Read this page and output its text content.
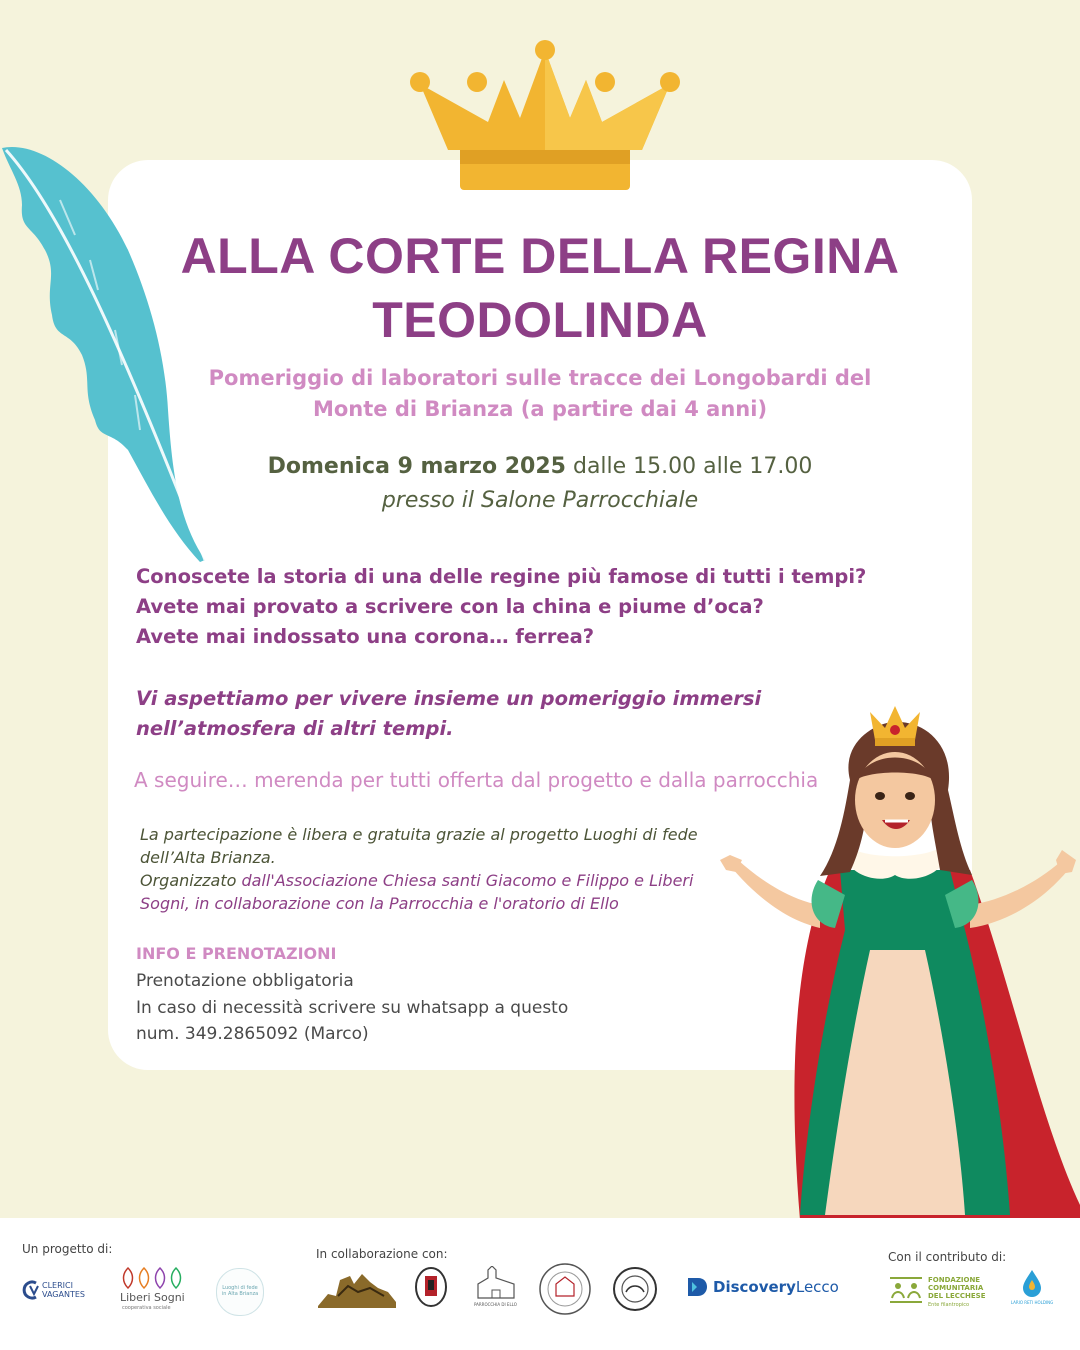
ALLA CORTE DELLA REGINA
TEODOLINDA
Pomeriggio di laboratori sulle tracce dei Longobardi del
Monte di Brianza (a partire dai 4 anni)
Domenica 9 marzo 2025 dalle 15.00 alle 17.00
presso il Salone Parrocchiale
Conoscete la storia di una delle regine più famose di tutti i tempi?
Avete mai provato a scrivere con la china e piume d’oca?
Avete mai indossato una corona… ferrea?
Vi aspettiamo per vivere insieme un pomeriggio immersi
nell’atmosfera di altri tempi.
A seguire… merenda per tutti offerta dal progetto e dalla parrocchia
La partecipazione è libera e gratuita grazie al progetto Luoghi di fede
dell’Alta Brianza.
Organizzato dall'Associazione Chiesa santi Giacomo e Filippo e Liberi
Sogni, in collaborazione con la Parrocchia e l'oratorio di Ello
INFO E PRENOTAZIONI
Prenotazione obbligatoria
In caso di necessità scrivere su whatsapp a questo
num. 349.2865092 (Marco)
Un progetto di:	In collaborazione con:	Con il contributo di:
CLERICI
VAGANTES	Liberi Sogni
cooperativa sociale
Luoghi di fede
in Alta Brianza
PARROCCHIA DI ELLO
DiscoveryLecco	FONDAZIONE
COMUNITARIA
DEL LECCHESE
Ente filantropico	LARIO RETI HOLDING
